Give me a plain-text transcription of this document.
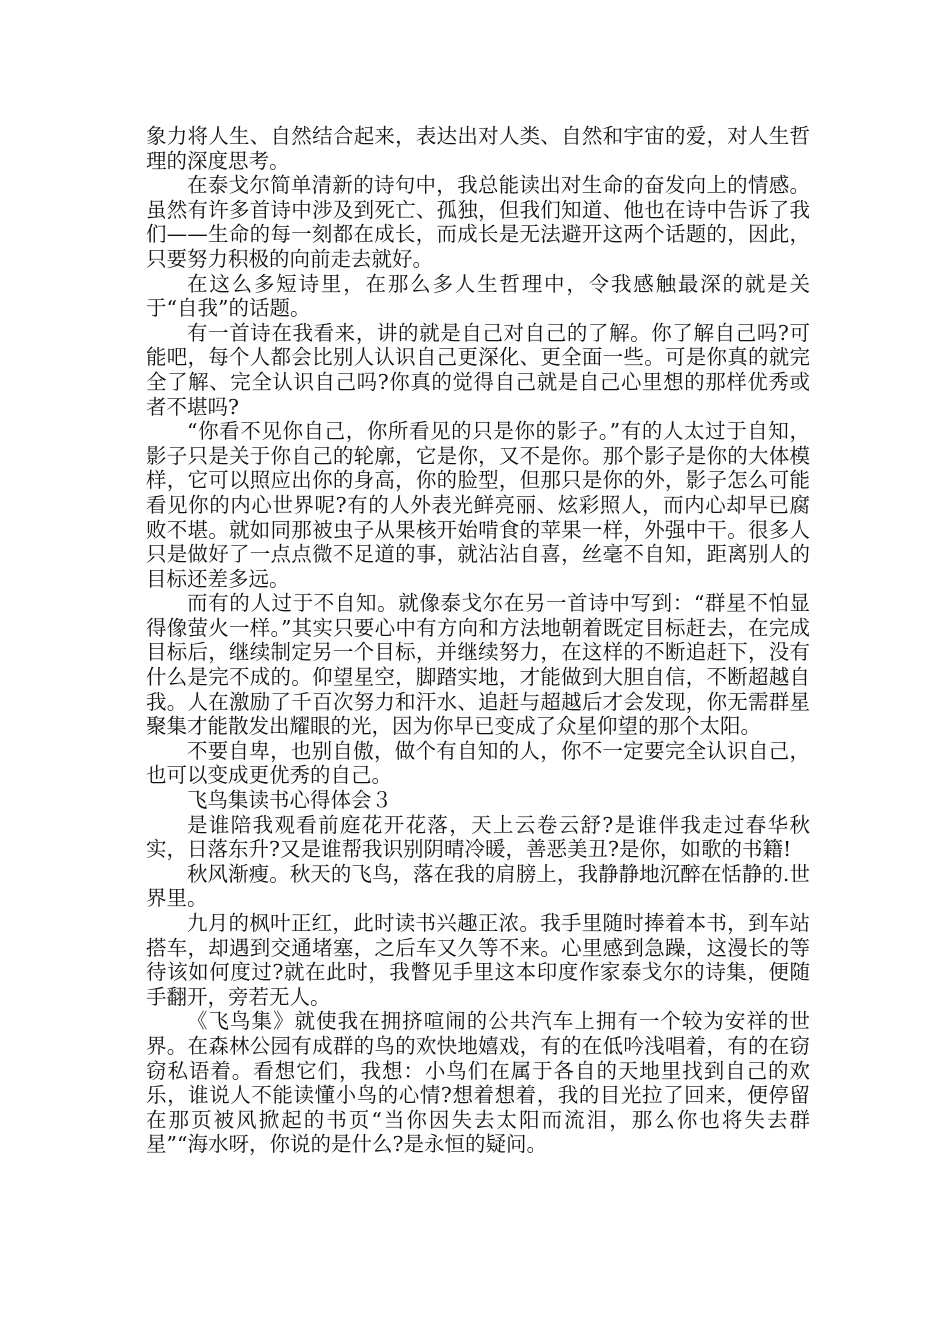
象力将人生、自然结合起来，表达出对人类、自然和宇宙的爱，对人生哲理的深度思考。

在泰戈尔简单清新的诗句中，我总能读出对生命的奋发向上的情感。虽然有许多首诗中涉及到死亡、孤独，但我们知道、他也在诗中告诉了我们——生命的每一刻都在成长，而成长是无法避开这两个话题的，因此，只要努力积极的向前走去就好。

在这么多短诗里，在那么多人生哲理中，令我感触最深的就是关于“自我”的话题。

有一首诗在我看来，讲的就是自己对自己的了解。你了解自己吗?可能吧，每个人都会比别人认识自己更深化、更全面一些。可是你真的就完全了解、完全认识自己吗?你真的觉得自己就是自己心里想的那样优秀或者不堪吗?

“你看不见你自己，你所看见的只是你的影子。”有的人太过于自知，影子只是关于你自己的轮廓，它是你，又不是你。那个影子是你的大体模样，它可以照应出你的身高，你的脸型，但那只是你的外，影子怎么可能看见你的内心世界呢?有的人外表光鲜亮丽、炫彩照人，而内心却早已腐败不堪。就如同那被虫子从果核开始啃食的苹果一样，外强中干。很多人只是做好了一点点微不足道的事，就沾沾自喜，丝毫不自知，距离别人的目标还差多远。

而有的人过于不自知。就像泰戈尔在另一首诗中写到：“群星不怕显得像萤火一样。”其实只要心中有方向和方法地朝着既定目标赶去，在完成目标后，继续制定另一个目标，并继续努力，在这样的不断追赶下，没有什么是完不成的。仰望星空，脚踏实地，才能做到大胆自信，不断超越自我。人在激励了千百次努力和汗水、追赶与超越后才会发现，你无需群星聚集才能散发出耀眼的光，因为你早已变成了众星仰望的那个太阳。

不要自卑，也别自傲，做个有自知的人，你不一定要完全认识自己，也可以变成更优秀的自己。

飞鸟集读书心得体会３

是谁陪我观看前庭花开花落，天上云卷云舒?是谁伴我走过春华秋实，日落东升?又是谁帮我识别阴晴冷暖，善恶美丑?是你，如歌的书籍!

秋风渐瘦。秋天的飞鸟，落在我的肩膀上，我静静地沉醉在恬静的.世界里。

九月的枫叶正红，此时读书兴趣正浓。我手里随时捧着本书，到车站搭车，却遇到交通堵塞，之后车又久等不来。心里感到急躁，这漫长的等待该如何度过?就在此时，我瞥见手里这本印度作家泰戈尔的诗集，便随手翻开，旁若无人。

《飞鸟集》就使我在拥挤喧闹的公共汽车上拥有一个较为安祥的世界。在森林公园有成群的鸟的欢快地嬉戏，有的在低吟浅唱着，有的在窃窃私语着。看想它们，我想：小鸟们在属于各自的天地里找到自己的欢乐，谁说人不能读懂小鸟的心情?想着想着，我的目光拉了回来，便停留在那页被风掀起的书页“当你因失去太阳而流泪，那么你也将失去群星”“海水呀，你说的是什么?是永恒的疑问。
